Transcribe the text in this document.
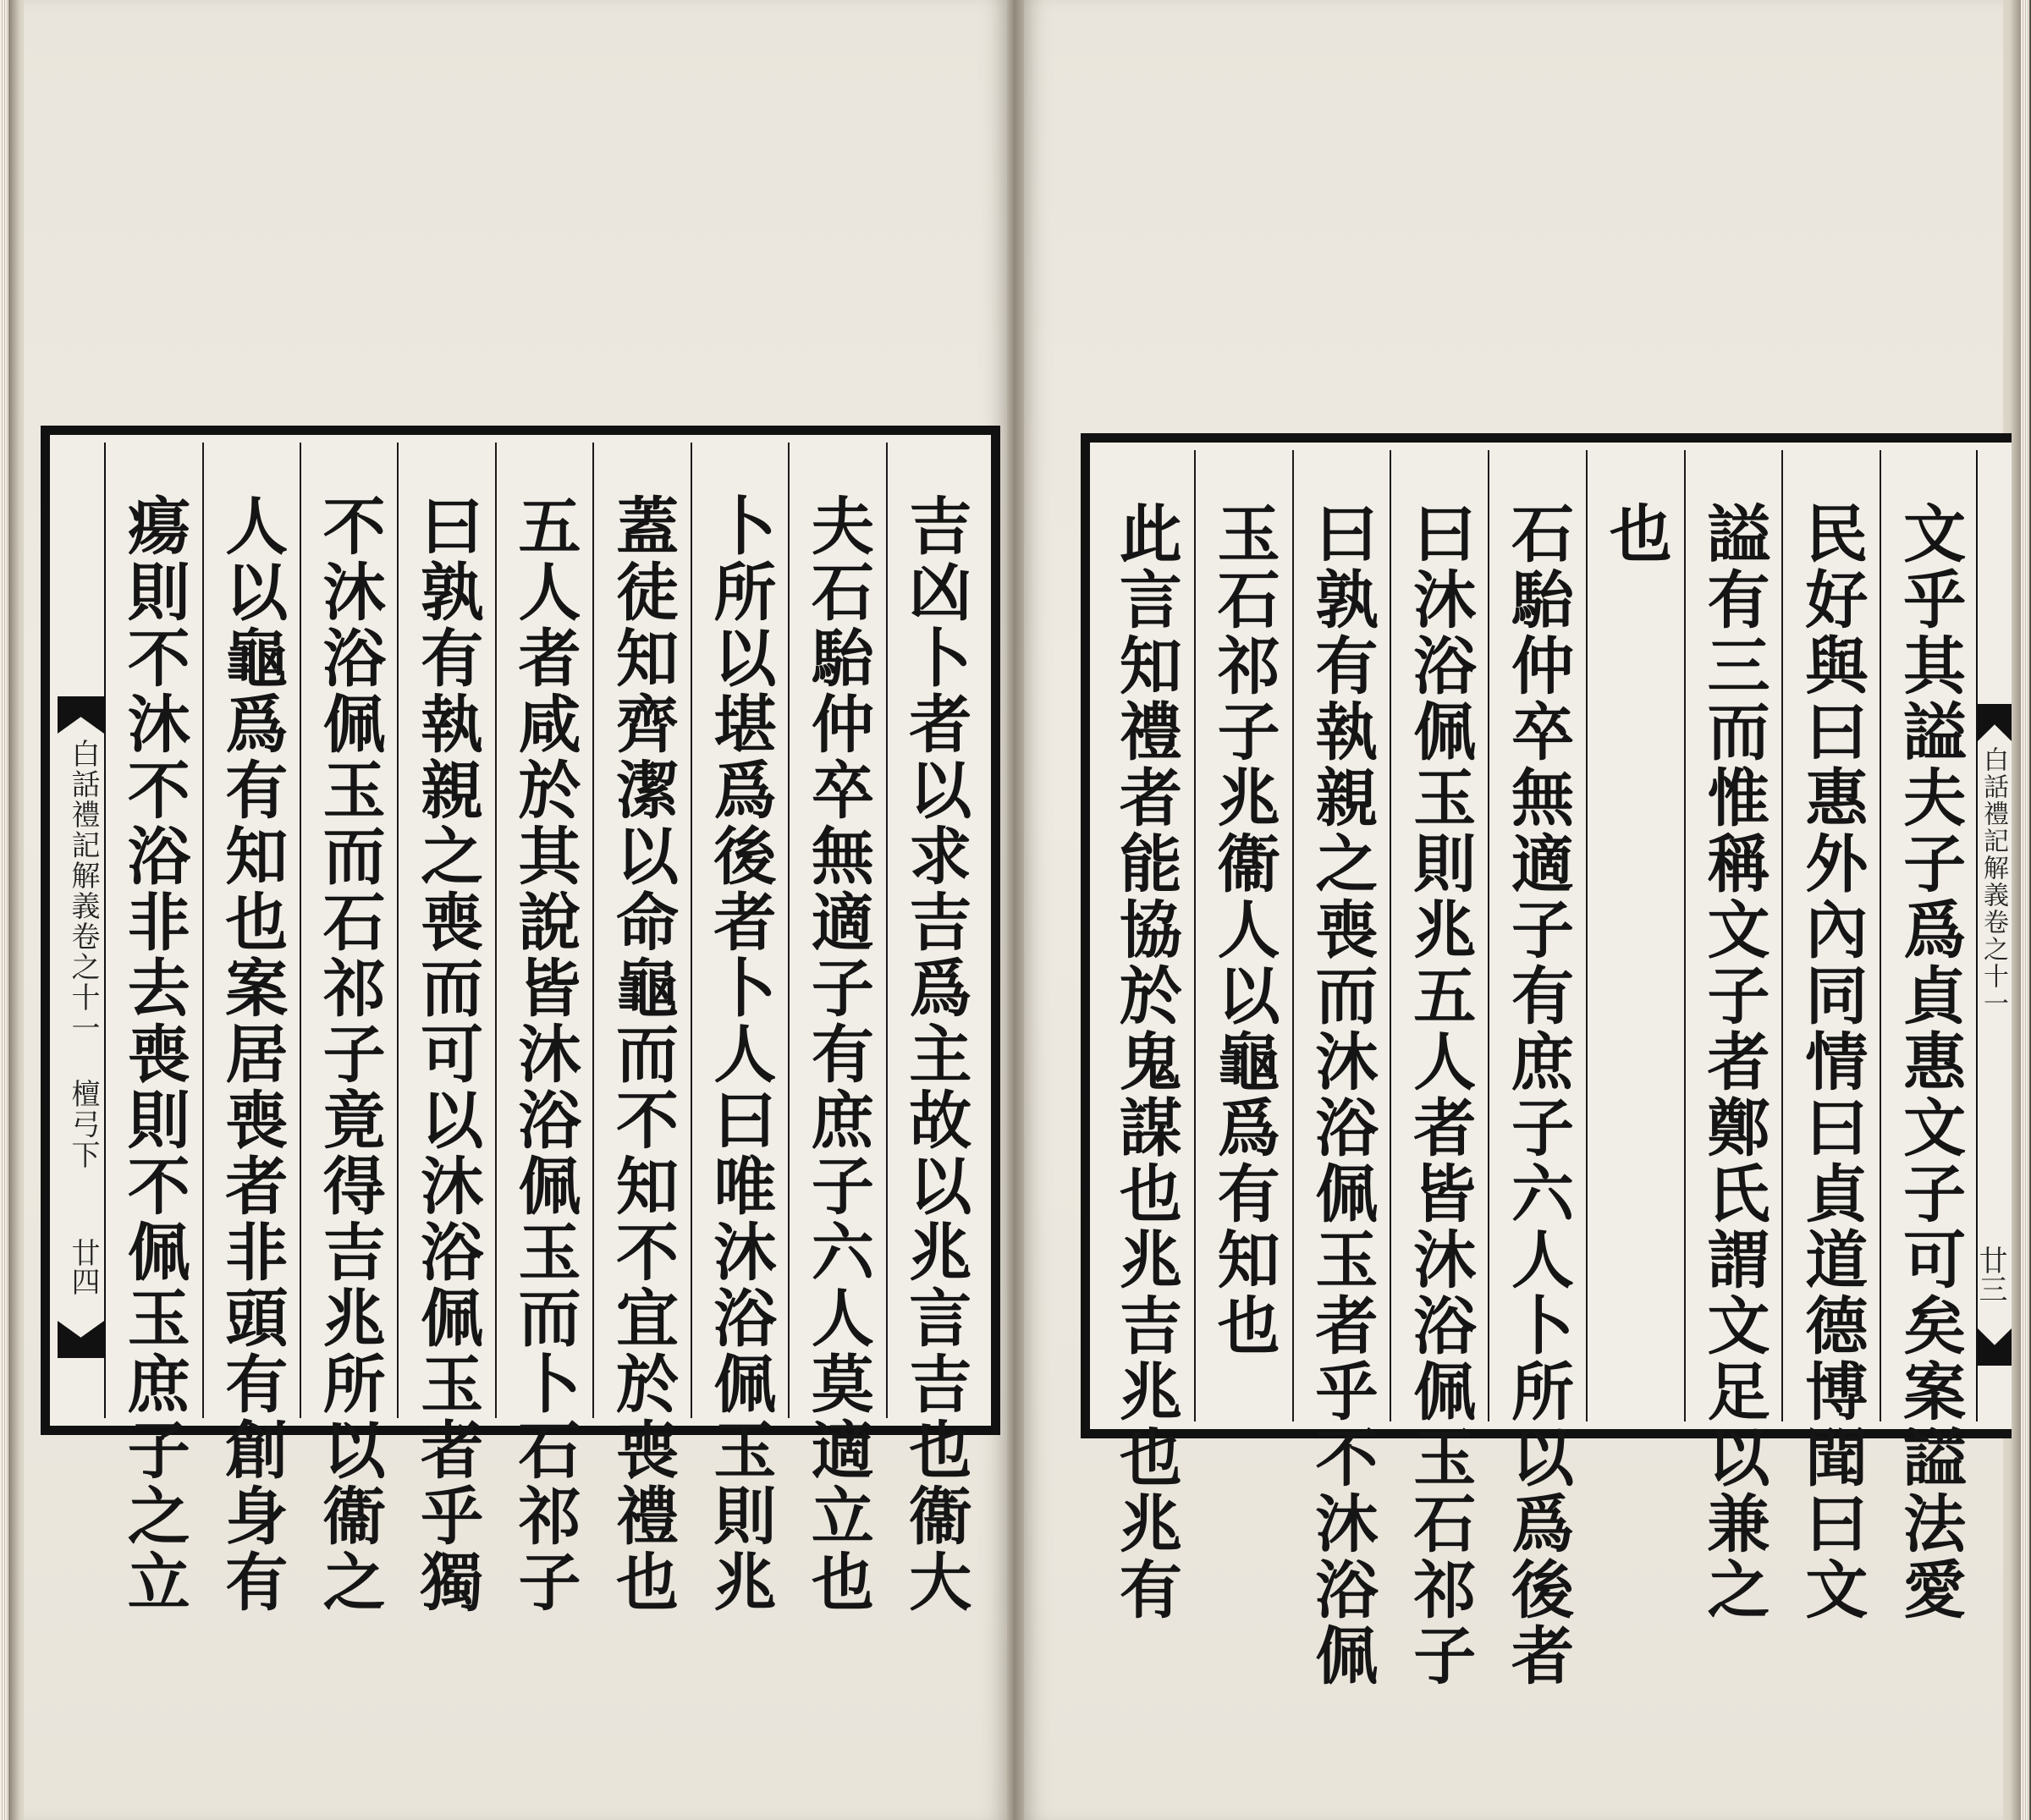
白話禮記解義卷之十一 檀弓下
廿四	吉凶卜者以求吉爲主故以兆言吉也衞大
夫石駘仲卒無適子有庶子六人莫適立也
卜所以堪爲後者卜人曰唯沐浴佩玉則兆
蓋徒知齊潔以命龜而不知不宜於喪禮也
五人者咸於其說皆沐浴佩玉而卜石祁子
曰孰有執親之喪而可以沐浴佩玉者乎獨
不沐浴佩玉而石祁子竟得吉兆所以衞之
人以龜爲有知也案居喪者非頭有創身有
瘍則不沐不浴非去喪則不佩玉庶子之立	文乎其謚夫子爲貞惠文子可矣案謚法愛
民好與曰惠外內同情曰貞道德博聞曰文
謚有三而惟稱文子者鄭氏謂文足以兼之
也
石駘仲卒無適子有庶子六人卜所以爲後者
曰沐浴佩玉則兆五人者皆沐浴佩玉石祁子
曰孰有執親之喪而沐浴佩玉者乎不沐浴佩
玉石祁子兆衞人以龜爲有知也
此言知禮者能協於鬼謀也兆吉兆也兆有	白話禮記解義卷之十一
廿三
